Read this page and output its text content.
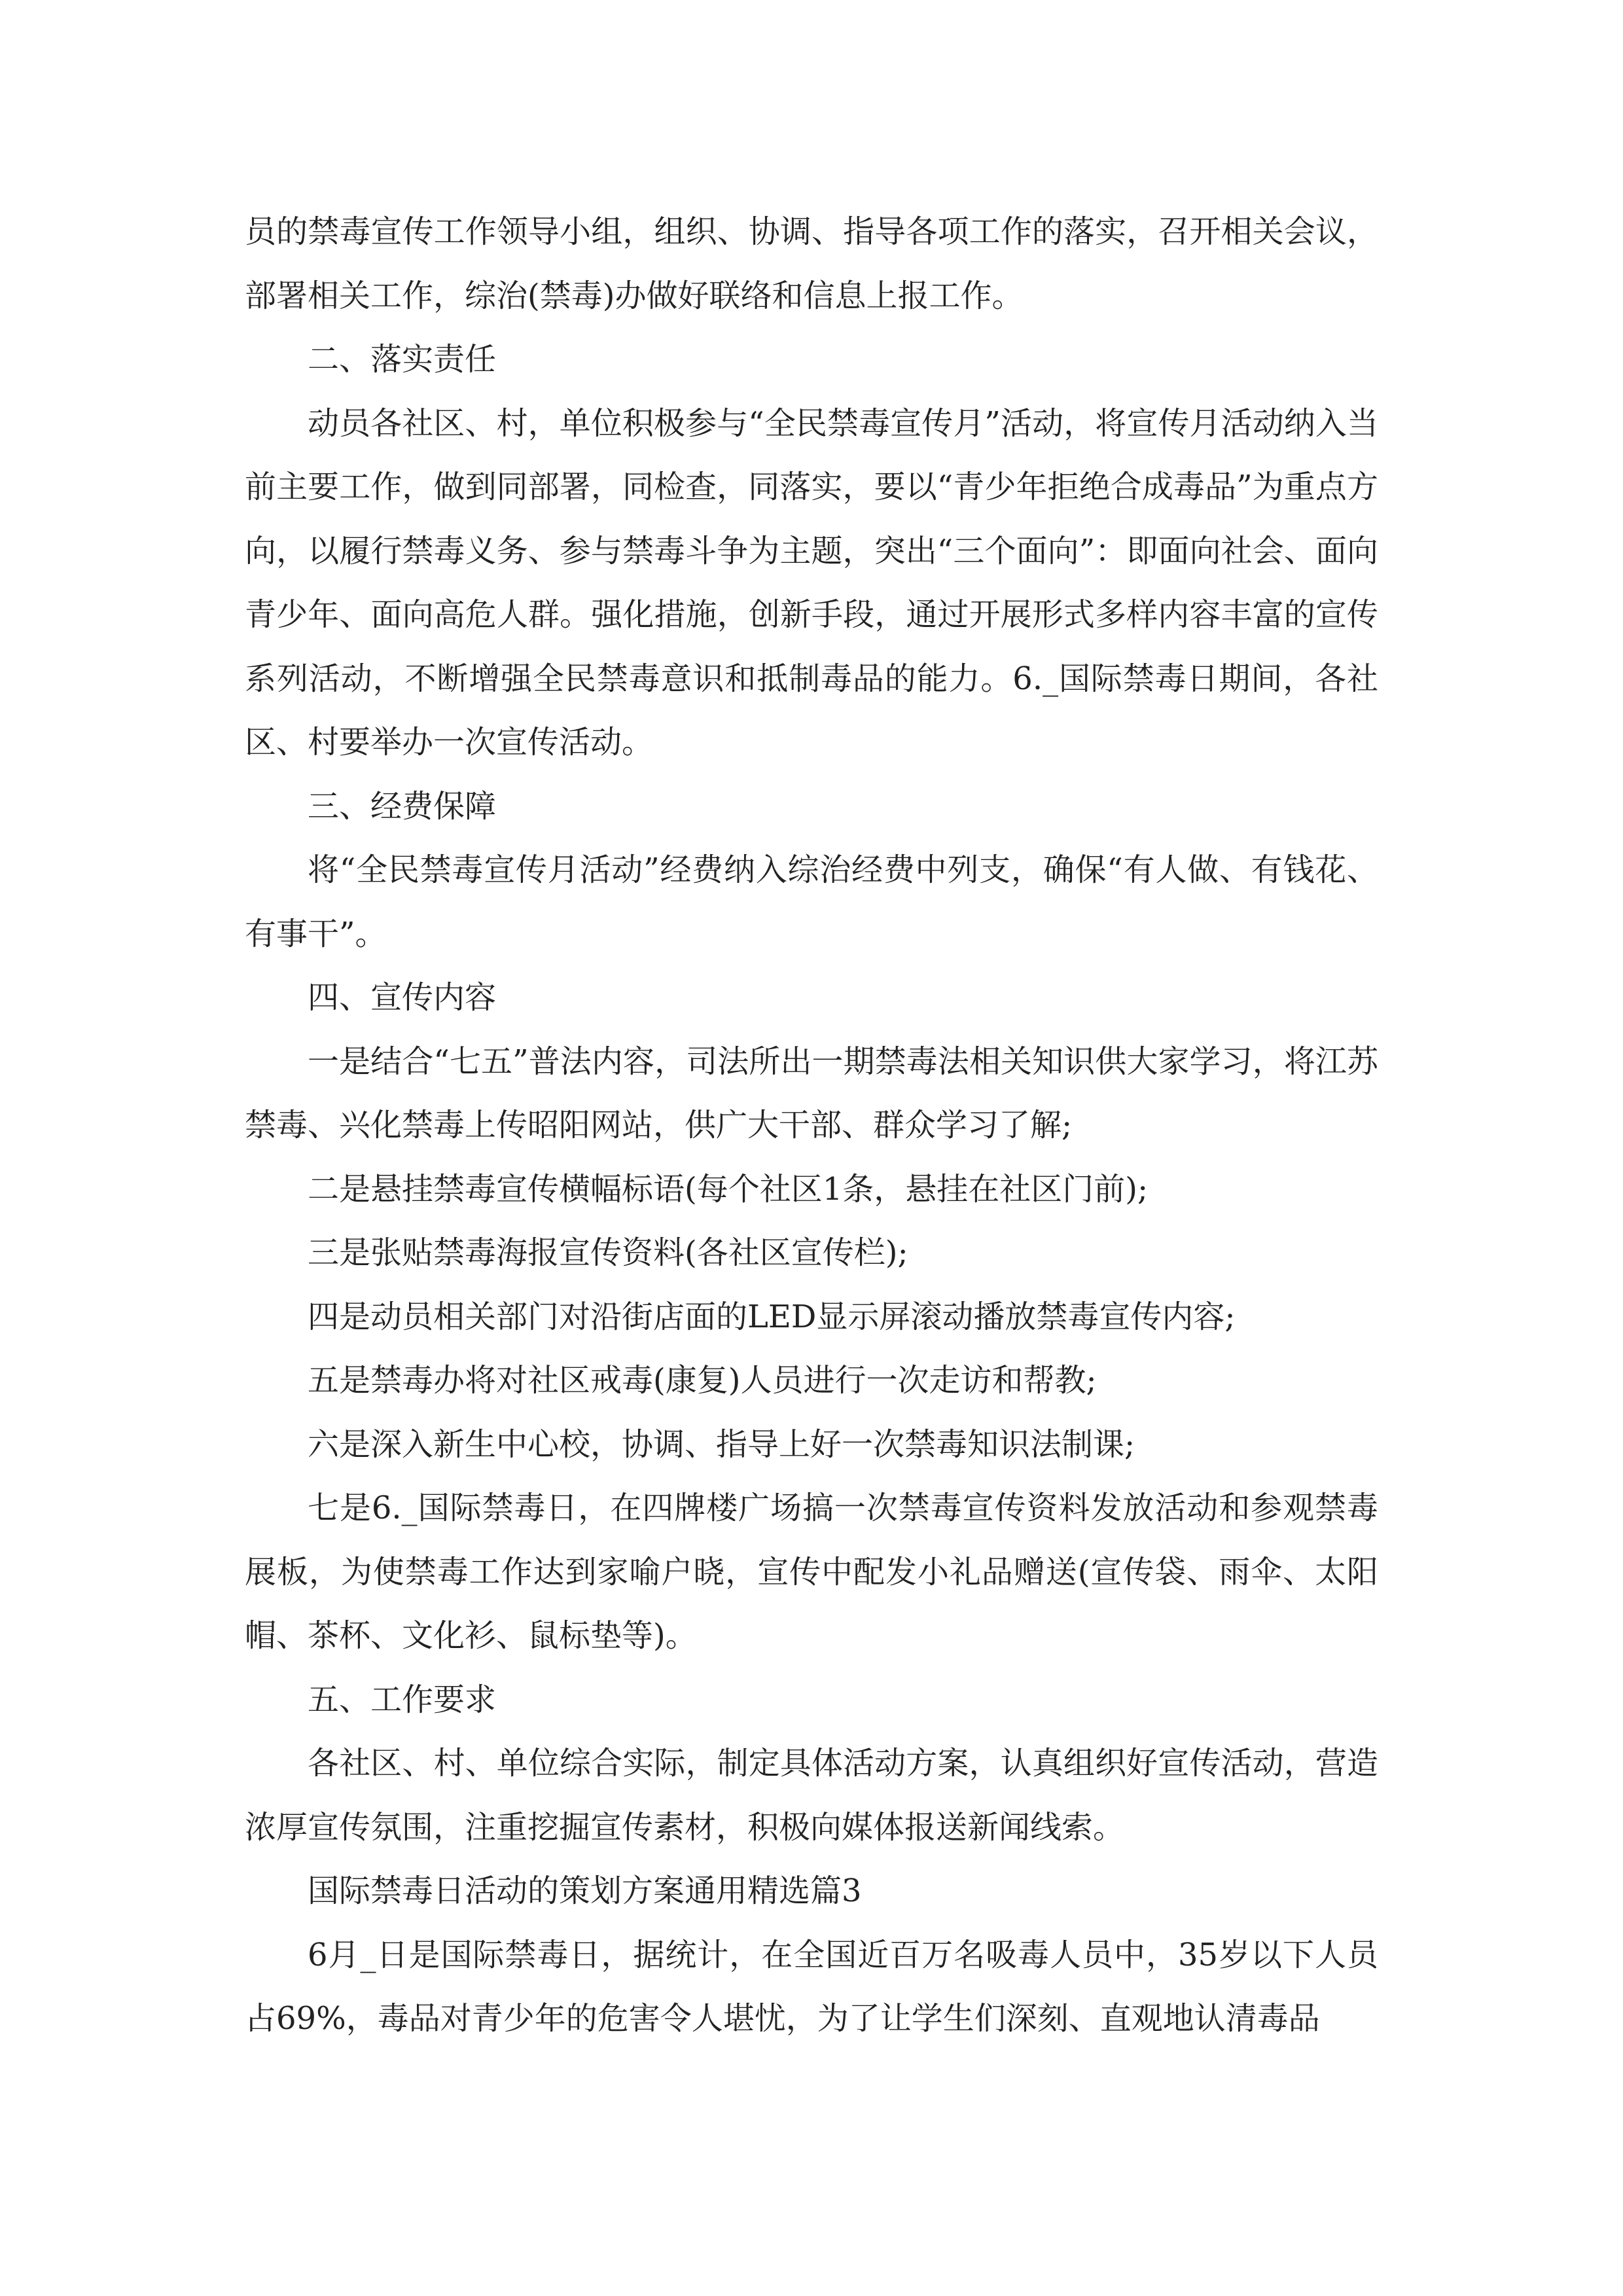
员的禁毒宣传工作领导小组，组织、协调、指导各项工作的落实，召开相关会议，部署相关工作，综治(禁毒)办做好联络和信息上报工作。

二、落实责任

动员各社区、村，单位积极参与“全民禁毒宣传月”活动，将宣传月活动纳入当前主要工作，做到同部署，同检查，同落实，要以“青少年拒绝合成毒品”为重点方向，以履行禁毒义务、参与禁毒斗争为主题，突出“三个面向”：即面向社会、面向青少年、面向高危人群。强化措施，创新手段，通过开展形式多样内容丰富的宣传系列活动，不断增强全民禁毒意识和抵制毒品的能力。6._国际禁毒日期间，各社区、村要举办一次宣传活动。

三、经费保障

将“全民禁毒宣传月活动”经费纳入综治经费中列支，确保“有人做、有钱花、有事干”。

四、宣传内容

一是结合“七五”普法内容，司法所出一期禁毒法相关知识供大家学习，将江苏禁毒、兴化禁毒上传昭阳网站，供广大干部、群众学习了解;

二是悬挂禁毒宣传横幅标语(每个社区1条，悬挂在社区门前);

三是张贴禁毒海报宣传资料(各社区宣传栏);

四是动员相关部门对沿街店面的LED显示屏滚动播放禁毒宣传内容;

五是禁毒办将对社区戒毒(康复)人员进行一次走访和帮教;

六是深入新生中心校，协调、指导上好一次禁毒知识法制课;

七是6._国际禁毒日，在四牌楼广场搞一次禁毒宣传资料发放活动和参观禁毒展板，为使禁毒工作达到家喻户晓，宣传中配发小礼品赠送(宣传袋、雨伞、太阳帽、茶杯、文化衫、鼠标垫等)。

五、工作要求

各社区、村、单位综合实际，制定具体活动方案，认真组织好宣传活动，营造浓厚宣传氛围，注重挖掘宣传素材，积极向媒体报送新闻线索。

国际禁毒日活动的策划方案通用精选篇3

6月_日是国际禁毒日，据统计，在全国近百万名吸毒人员中，35岁以下人员占69%，毒品对青少年的危害令人堪忧，为了让学生们深刻、直观地认清毒品
